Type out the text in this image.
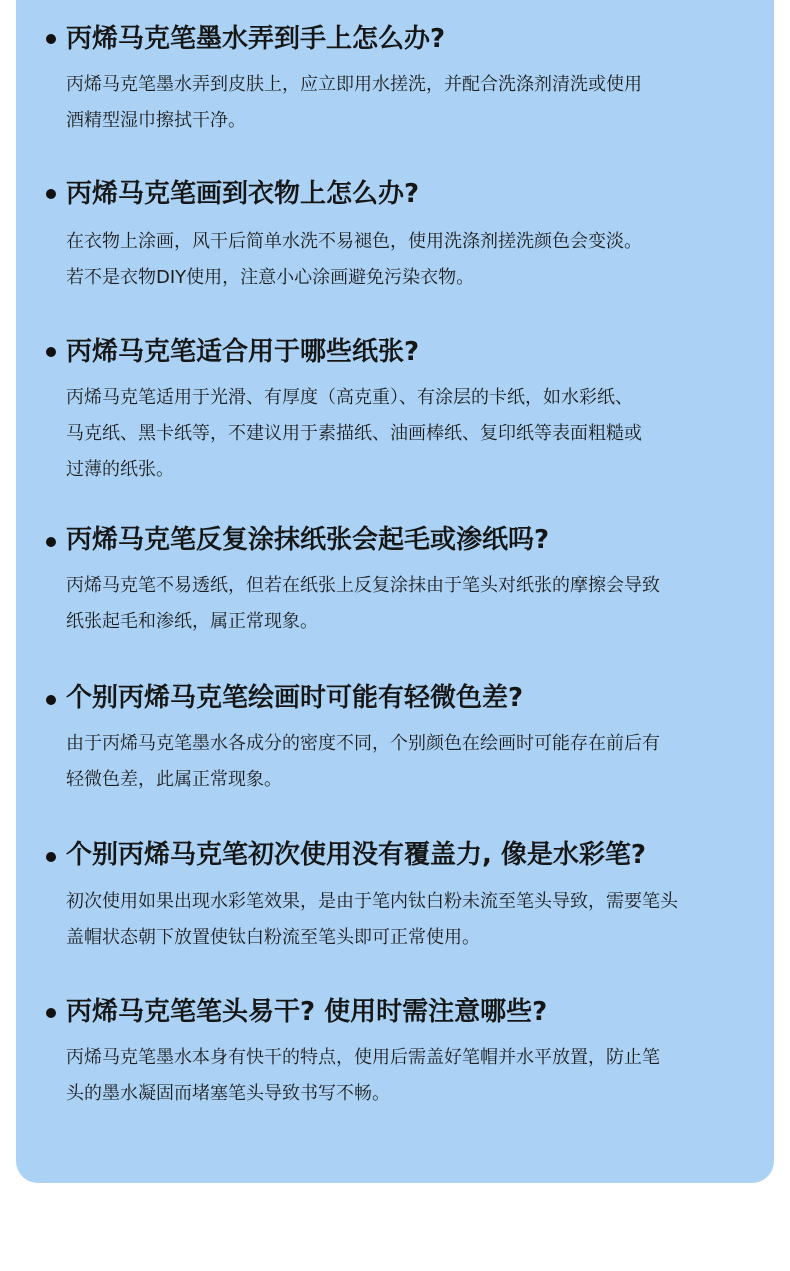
丙烯马克笔墨水弄到手上怎么办?

丙烯马克笔墨水弄到皮肤上，应立即用水搓洗，并配合洗涤剂清洗或使用
酒精型湿巾擦拭干净。

丙烯马克笔画到衣物上怎么办?

在衣物上涂画，风干后简单水洗不易褪色，使用洗涤剂搓洗颜色会变淡。
若不是衣物DIY使用，注意小心涂画避免污染衣物。

丙烯马克笔适合用于哪些纸张?

丙烯马克笔适用于光滑、有厚度（高克重）、有涂层的卡纸，如水彩纸、
马克纸、黑卡纸等，不建议用于素描纸、油画棒纸、复印纸等表面粗糙或
过薄的纸张。

丙烯马克笔反复涂抹纸张会起毛或渗纸吗?

丙烯马克笔不易透纸，但若在纸张上反复涂抹由于笔头对纸张的摩擦会导致
纸张起毛和渗纸，属正常现象。

个别丙烯马克笔绘画时可能有轻微色差?

由于丙烯马克笔墨水各成分的密度不同，个别颜色在绘画时可能存在前后有
轻微色差，此属正常现象。

个别丙烯马克笔初次使用没有覆盖力, 像是水彩笔?

初次使用如果出现水彩笔效果，是由于笔内钛白粉未流至笔头导致，需要笔头
盖帽状态朝下放置使钛白粉流至笔头即可正常使用。

丙烯马克笔笔头易干? 使用时需注意哪些?

丙烯马克笔墨水本身有快干的特点，使用后需盖好笔帽并水平放置，防止笔
头的墨水凝固而堵塞笔头导致书写不畅。
